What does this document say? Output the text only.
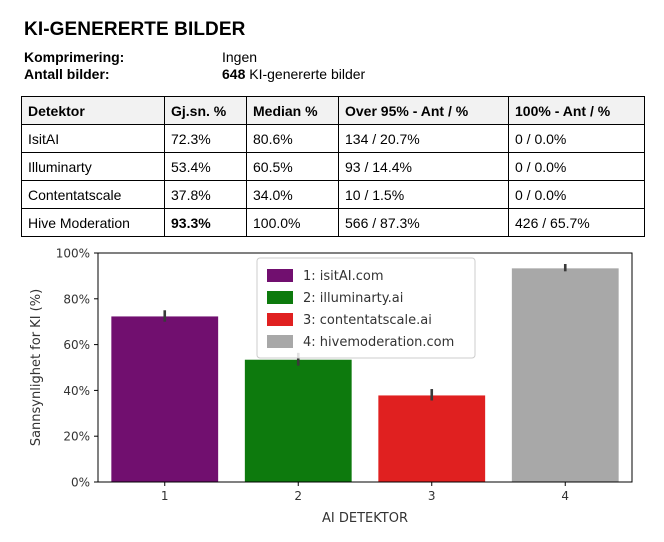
KI-GENERERTE BILDER
Komprimering:	Ingen
Antall bilder:	648 KI-genererte bilder
Detektor	Gj.sn. %	Median %	Over 95% - Ant / %	100% - Ant / %
IsitAI	72.3%	80.6%	134 / 20.7%	0 / 0.0%
Illuminarty	53.4%	60.5%	93 / 14.4%	0 / 0.0%
Contentatscale	37.8%	34.0%	10 / 1.5%	0 / 0.0%
Hive Moderation	93.3%	100.0%	566 / 87.3%	426 / 65.7%
0%
20%
40%
60%
80%
100%
1	2	3	4
1: isitAI.com
2: illuminarty.ai
3: contentatscale.ai
4: hivemoderation.com
Sannsynlighet for KI (%)
AI DETEKTOR
